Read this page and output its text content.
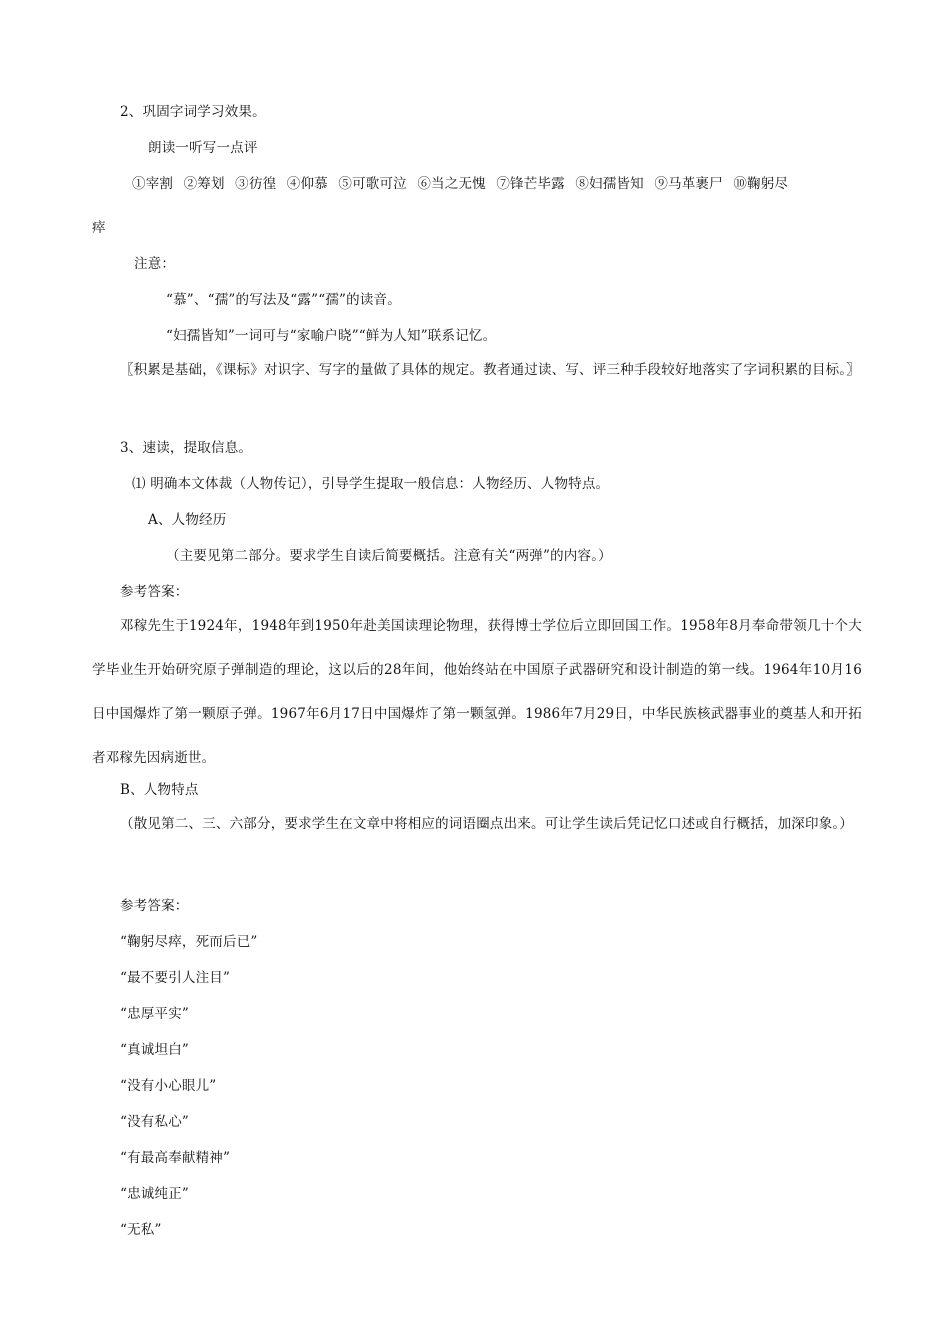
2、巩固字词学习效果。

朗读一听写一点评

①宰割 ②筹划 ③彷徨 ④仰慕 ⑤可歌可泣 ⑥当之无愧 ⑦锋芒毕露 ⑧妇孺皆知 ⑨马革裹尸 ⑩鞠躬尽

瘁

注意：

“慕”、“孺”的写法及“露”“孺”的读音。

“妇孺皆知”一词可与“家喻户晓”“鲜为人知”联系记忆。

〖积累是基础，《课标》对识字、写字的量做了具体的规定。教者通过读、写、评三种手段较好地落实了字词积累的目标。〗

3、速读，提取信息。

⑴ 明确本文体裁（人物传记），引导学生提取一般信息：人物经历、人物特点。

A、人物经历

（主要见第二部分。要求学生自读后简要概括。注意有关“两弹”的内容。）

参考答案：

邓稼先生于1924年，1948年到1950年赴美国读理论物理，获得博士学位后立即回国工作。1958年8月奉命带领几十个大学毕业生开始研究原子弹制造的理论，这以后的28年间，他始终站在中国原子武器研究和设计制造的第一线。1964年10月16日中国爆炸了第一颗原子弹。1967年6月17日中国爆炸了第一颗氢弹。1986年7月29日，中华民族核武器事业的奠基人和开拓者邓稼先因病逝世。

B、人物特点

（散见第二、三、六部分，要求学生在文章中将相应的词语圈点出来。可让学生读后凭记忆口述或自行概括，加深印象。）

参考答案：

“鞠躬尽瘁，死而后已”

“最不要引人注目”

“忠厚平实”

“真诚坦白”

“没有小心眼儿”

“没有私心”

“有最高奉献精神”

“忠诚纯正”

“无私”
